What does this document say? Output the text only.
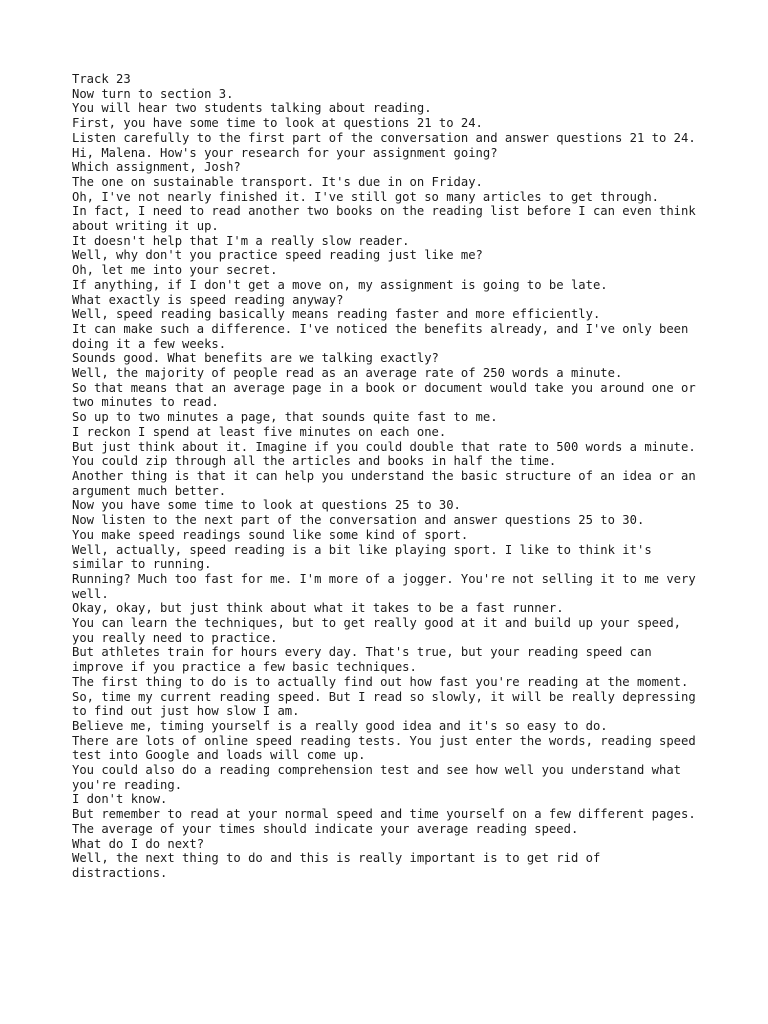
Track 23
Now turn to section 3.
You will hear two students talking about reading.
First, you have some time to look at questions 21 to 24.
Listen carefully to the first part of the conversation and answer questions 21 to 24.
Hi, Malena. How's your research for your assignment going?
Which assignment, Josh?
The one on sustainable transport. It's due in on Friday.
Oh, I've not nearly finished it. I've still got so many articles to get through.
In fact, I need to read another two books on the reading list before I can even think about writing it up.
It doesn't help that I'm a really slow reader.
Well, why don't you practice speed reading just like me?
Oh, let me into your secret.
If anything, if I don't get a move on, my assignment is going to be late.
What exactly is speed reading anyway?
Well, speed reading basically means reading faster and more efficiently.
It can make such a difference. I've noticed the benefits already, and I've only been doing it a few weeks.
Sounds good. What benefits are we talking exactly?
Well, the majority of people read as an average rate of 250 words a minute.
So that means that an average page in a book or document would take you around one or two minutes to read.
So up to two minutes a page, that sounds quite fast to me.
I reckon I spend at least five minutes on each one.
But just think about it. Imagine if you could double that rate to 500 words a minute.
You could zip through all the articles and books in half the time.
Another thing is that it can help you understand the basic structure of an idea or an argument much better.
Now you have some time to look at questions 25 to 30.
Now listen to the next part of the conversation and answer questions 25 to 30.
You make speed readings sound like some kind of sport.
Well, actually, speed reading is a bit like playing sport. I like to think it's similar to running.
Running? Much too fast for me. I'm more of a jogger. You're not selling it to me very well.
Okay, okay, but just think about what it takes to be a fast runner.
You can learn the techniques, but to get really good at it and build up your speed, you really need to practice.
But athletes train for hours every day. That's true, but your reading speed can improve if you practice a few basic techniques.
The first thing to do is to actually find out how fast you're reading at the moment.
So, time my current reading speed. But I read so slowly, it will be really depressing to find out just how slow I am.
Believe me, timing yourself is a really good idea and it's so easy to do.
There are lots of online speed reading tests. You just enter the words, reading speed test into Google and loads will come up.
You could also do a reading comprehension test and see how well you understand what you're reading.
I don't know.
But remember to read at your normal speed and time yourself on a few different pages.
The average of your times should indicate your average reading speed.
What do I do next?
Well, the next thing to do and this is really important is to get rid of distractions.
